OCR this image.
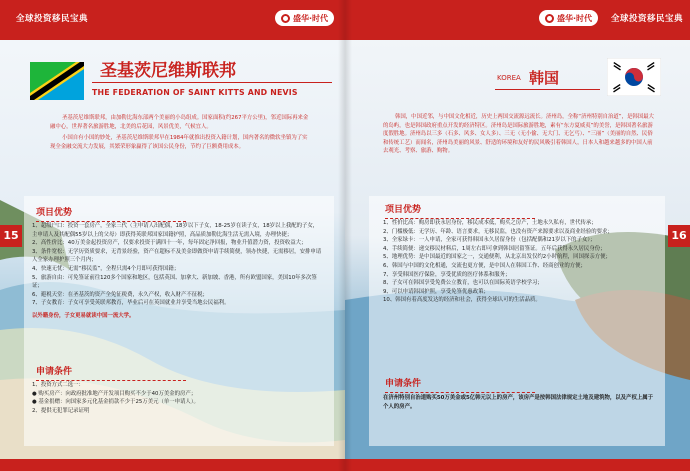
全球投资移民宝典	盛华·时代
圣基茨尼维斯联邦
THE FEDERATION OF SAINT KITTS AND NEVIS

圣基茨尼维斯联邦，由加勒比海东部两个美丽的小岛组成。国家面积(约267平方公里)，邻近国际再来金融中心，世界著名旅游胜地，北美的后花园，风景优美，气候宜人。

小国自有小国的妙处，圣基茨尼维斯联邦早在1984年就推出投资入籍计划，国内著名的微软坐镇为了实现全金融交流大力发展，其繁荣形象赢得了该国公民身份，节约了巨额费用成本。

15
项目优势

1、超级户口：投资一套房产，全家三代（主申请人出配偶，18岁以下子女，18-25岁在读子女，18岁以上我配的子女，主申请人及其配偶55岁以上的父母）即获得英联邦国家国籍护照，高品质加勒比海生活无需入境，办理快捷；

2、高性价比：40万美金起投资房产，仅要求投资于满四十一年，每年固定净回报，物业升值潜力资，投资收益大；

3、条件宽松：无学历资质要求，无背景经验，资产在超标不及美金即做资申请手续简便，领办快捷，无需移居，安排申请人全家办理护照三个月内；

4、快速无忧：无需“移民监”，全程只需4个月即可获得国籍；

5、旅游自由：可免签证前往120多个国家和地区，包括英国、加拿大、新加坡、香港，所有欧盟国家，美国10年多次签证；

6、避税天堂：在圣基茨的资产全免征税费，永久产权，收入财产不征税；

7、子女教育：子女可享受英联邦教育，毕业后可在英国就业并享受当地公民福利。

以外籍身份，子女更易就读中国一流大学。

申请条件

1、投资方式二选一：

● 购买房产：向政府批准地产开发项目购买不少于40万美金的房产；

● 基金捐赠：向国家多元化基金捐款不少于25万美元（单一申请人）。

2、提供无犯罪记录证明

盛华·时代 全球投资移民宝典
KOREA 韩国
韩国，中国近邻，与中国文化相近，历史上两国交流源远流长。济州岛，全称“济州特别自治道”，是韩国最大的岛屿，也是韩国政府重点开发的经济特区。济州岛是国际旅游胜地，素有“东方夏威夷”的美誉，是韩国著名旅游度假胜地。济州岛以三多（石多、风多、女人多）、三无（无小偷、无大门、无乞丐）、“三丽”（美丽的自然、民俗和传统工艺）而闻名，济州岛美丽的风景、舒适的环境和友好的民风吸引着韩国人，日本人和越来越多的中国人前去观光、考察、旅游、购物。
16
项目优势

1、性价比高：购房即获永居身份，移民成本低，购买之房产，土地永久私有，世代传承；

2、门槛极低：无学历、年龄、语言要求，无移民监，也没有资产来源要求以及商业经验的要求；

3、全家绿卡：一人申请，全家可获得韩国永久居留身份（包括配偶和21岁以下的子女）；

4、手续简便：递交移民材料后，1周左右即可拿到韩国居留签证。五年后获得永久居民身份；

5、地理优势：是中国最近的国家之一，交通便利，从北京出发仅约2小时航程，回国探亲方便；

6、韩国与中国的文化相通，交流也更方便，是中国人在韩国工作、经商创业的方便；

7、享受韩国医疗保险，享受优质的医疗体系和服务；

8、子女可在韩国享受免费公立教育，也可以在国际英语学校学习；

9、可以申请韩国护照，享受免签优惠政策；

10、韩国有着高度发达的经济和社会，获得全球认可的生活品质。

申请条件
在济州特别自治道购买50万美金或5亿韩元以上的房产，该房产是按韩国法律规定土地及建筑物，以及产权上属于个人的房产。
